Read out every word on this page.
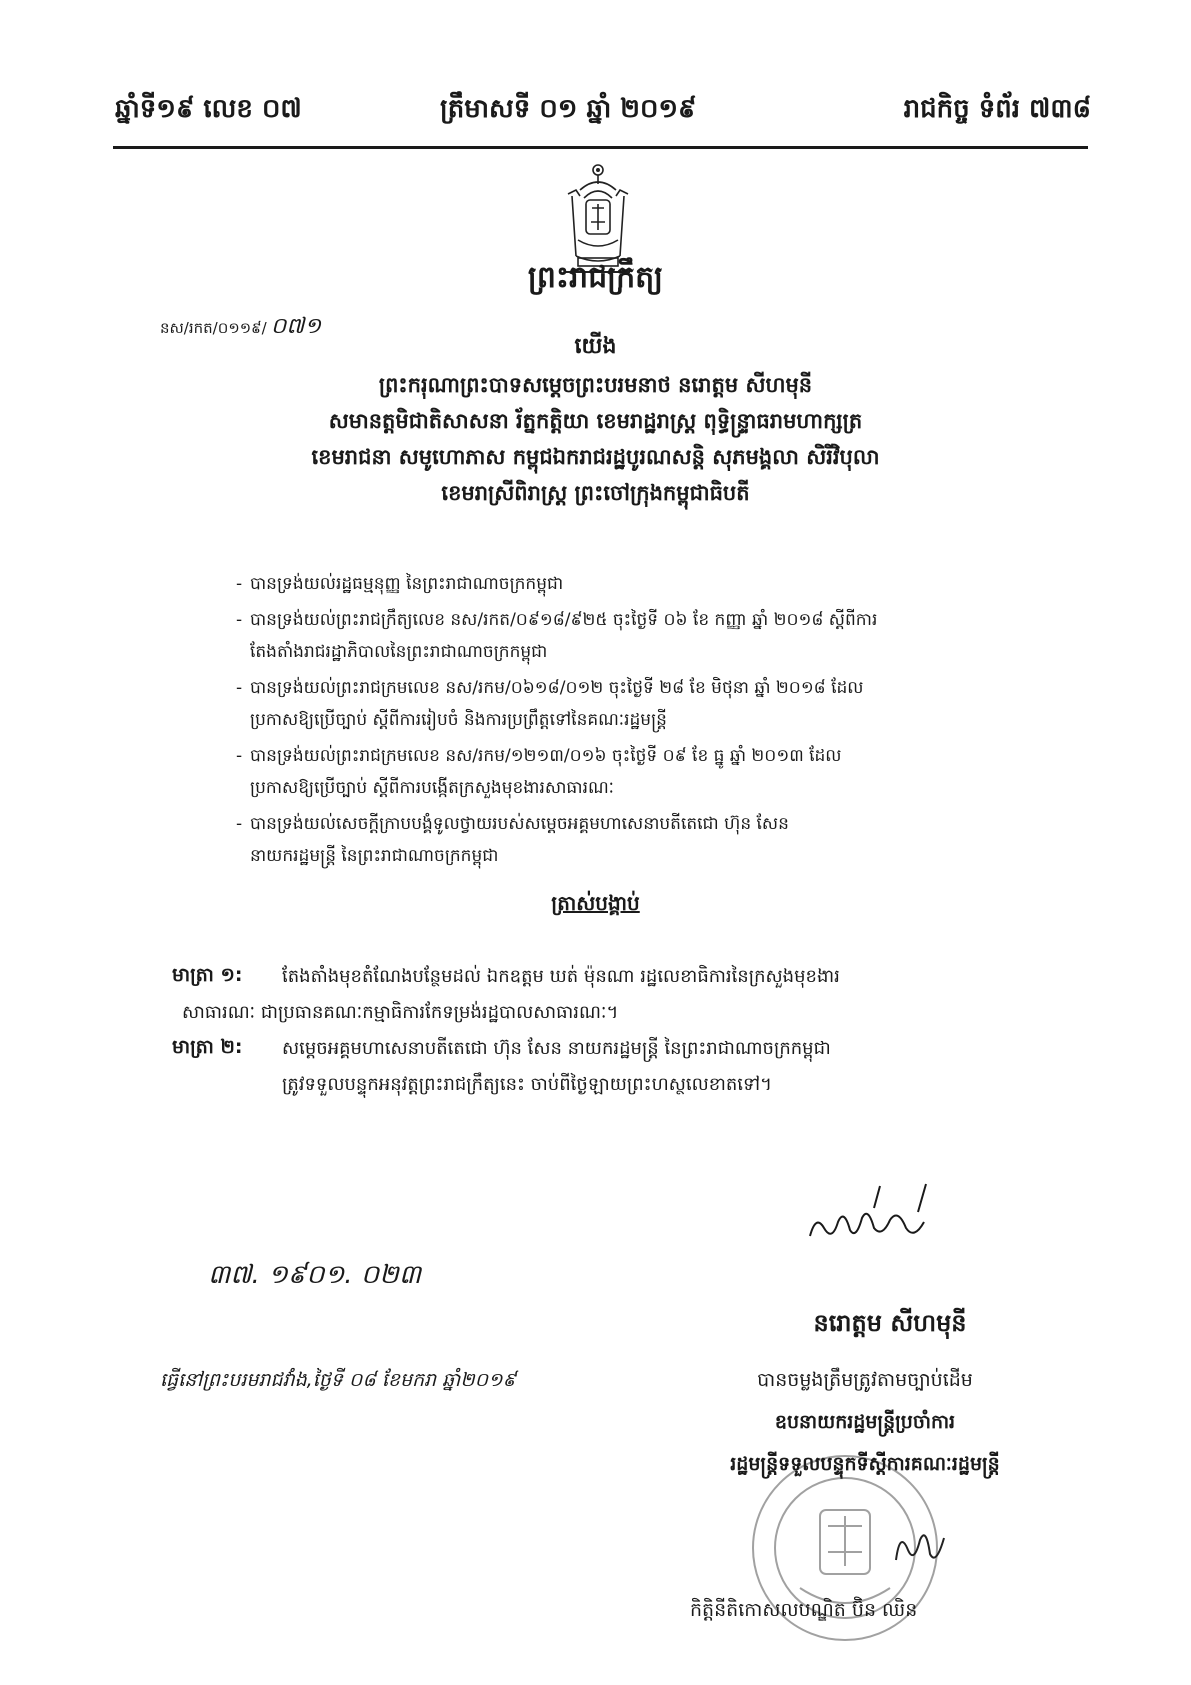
ឆ្នាំទី១៩ លេខ ០៧	ត្រឹមាសទី ០១ ឆ្នាំ ២០១៩	រាជកិច្ច ទំព័រ ៧៣៨
ព្រះរាជក្រឹត្យ
នស/រកត/០១១៩/ ០៧១
យើង
ព្រះករុណាព្រះបាទសម្ដេចព្រះបរមនាថ នរោត្ដម សីហមុនី
សមានត្ដមិជាតិសាសនា រ័ត្នកត្ដិយា ខេមរាដ្ឋរាស្ដ្រ ពុទ្ធិន្ទ្រាធរាមហាក្សត្រ
ខេមរាជនា សមូហោភាស កម្ពុជឯករាជរដ្ឋបូរណសន្ដិ សុភមង្គលា សិរីវិបុលា
ខេមរាស្រីពិរាស្ដ្រ ព្រះចៅក្រុងកម្ពុជាធិបតី
- បានទ្រង់យល់រដ្ឋធម្មនុញ្ញ នៃព្រះរាជាណាចក្រកម្ពុជា
- បានទ្រង់យល់ព្រះរាជក្រឹត្យលេខ នស/រកត/០៩១៨/៩២៥ ចុះថ្ងៃទី ០៦ ខែ កញ្ញា ឆ្នាំ ២០១៨ ស្ដីពីការ
តែងតាំងរាជរដ្ឋាភិបាលនៃព្រះរាជាណាចក្រកម្ពុជា
- បានទ្រង់យល់ព្រះរាជក្រមលេខ នស/រកម/០៦១៨/០១២ ចុះថ្ងៃទី ២៨ ខែ មិថុនា ឆ្នាំ ២០១៨ ដែល
ប្រកាសឱ្យប្រើច្បាប់ ស្ដីពីការរៀបចំ និងការប្រព្រឹត្ដទៅនៃគណៈរដ្ឋមន្ដ្រី
- បានទ្រង់យល់ព្រះរាជក្រមលេខ នស/រកម/១២១៣/០១៦ ចុះថ្ងៃទី ០៩ ខែ ធ្នូ ឆ្នាំ ២០១៣ ដែល
ប្រកាសឱ្យប្រើច្បាប់ ស្ដីពីការបង្កើតក្រសួងមុខងារសាធារណៈ
- បានទ្រង់យល់សេចក្ដីក្រាបបង្គំទូលថ្វាយរបស់សម្ដេចអគ្គមហាសេនាបតីតេជោ ហ៊ុន សែន
នាយករដ្ឋមន្ដ្រី នៃព្រះរាជាណាចក្រកម្ពុជា
ត្រាស់បង្គាប់
មាត្រា ១: តែងតាំងមុខតំណែងបន្ថែមដល់ ឯកឧត្ដម ឃត់ ម៉ុនណា រដ្ឋលេខាធិការនៃក្រសួងមុខងារ
សាធារណៈ ជាប្រធានគណៈកម្មាធិការកែទម្រង់រដ្ឋបាលសាធារណៈ។
មាត្រា ២: សម្ដេចអគ្គមហាសេនាបតីតេជោ ហ៊ុន សែន នាយករដ្ឋមន្ដ្រី នៃព្រះរាជាណាចក្រកម្ពុជា
ត្រូវទទួលបន្ទុកអនុវត្ដព្រះរាជក្រឹត្យនេះ ចាប់ពីថ្ងៃឡាយព្រះហស្ថលេខាតទៅ។
៣៧. ១៩០១. ០២៣
នរោត្ដម សីហមុនី
ធ្វើនៅព្រះបរមរាជវាំង,ថ្ងៃទី ០៨ ខែមករា ឆ្នាំ២០១៩	បានចម្លងត្រឹមត្រូវតាមច្បាប់ដើម
ឧបនាយករដ្ឋមន្ដ្រីប្រចាំការ
រដ្ឋមន្ដ្រីទទួលបន្ទុកទីស្ដីការគណៈរដ្ឋមន្ដ្រី
កិត្ដិនីតិកោសលបណ្ឌិត ប៊ិន ឈិន
